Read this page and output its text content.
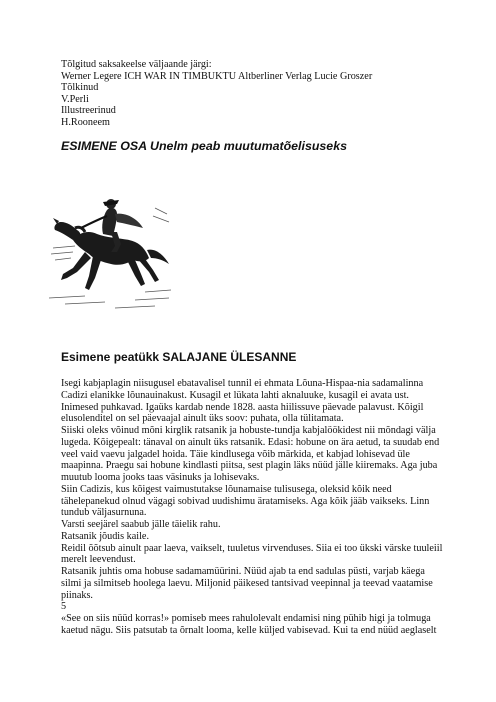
Tõlgitud saksakeelse väljaande järgi:
Werner Legere ICH WAR IN TIMBUKTU Altberliner Verlag Lucie Groszer
Tõlkinud
V.Perli
Illustreerinud
H.Rooneem
ESIMENE OSA Unelm peab muutumatõelisuseks
Esimene peatükk SALAJANE ÜLESANNE
Isegi kabjaplagin niisugusel ebatavalisel tunnil ei ehmata Lõuna-Hispaa-nia sadamalinna
Cadizi elanikke lõunauinakust. Kusagil et lükata lahti aknaluuke, kusagil ei avata ust.
Inimesed puhkavad. Igaüks kardab nende 1828. aasta hiilissuve päevade palavust. Kõigil
elusolenditel on sel päevaajal ainult üks soov: puhata, olla tülitamata.
Siiski oleks võinud mõni kirglik ratsanik ja hobuste-tundja kabjalöökidest nii mõndagi välja
lugeda. Kõigepealt: tänaval on ainult üks ratsanik. Edasi: hobune on ära aetud, ta suudab end
veel vaid vaevu jalgadel hoida. Täie kindlusega võib märkida, et kabjad lohisevad üle
maapinna. Praegu sai hobune kindlasti piitsa, sest plagin läks nüüd jälle kiiremaks. Aga juba
muutub looma jooks taas väsinuks ja lohisevaks.
Siin Cadizis, kus kõigest vaimustutakse lõunamaise tulisusega, oleksid kõik need
tähelepanekud olnud vägagi sobivad uudishimu äratamiseks. Aga kõik jääb vaikseks. Linn
tundub väljasurnuna.
Varsti seejärel saabub jälle täielik rahu.
Ratsanik jõudis kaile.
Reidil õõtsub ainult paar laeva, vaikselt, tuuletus virvenduses. Siia ei too ükski värske tuuleiil
merelt leevendust.
Ratsanik juhtis oma hobuse sadamamüürini. Nüüd ajab ta end sadulas püsti, varjab käega
silmi ja silmitseb hoolega laevu. Miljonid päikesed tantsivad veepinnal ja teevad vaatamise
piinaks.
5
«See on siis nüüd korras!» pomiseb mees rahulolevalt endamisi ning pühib higi ja tolmuga
kaetud nägu. Siis patsutab ta õrnalt looma, kelle küljed vabisevad. Kui ta end nüüd aeglaselt
